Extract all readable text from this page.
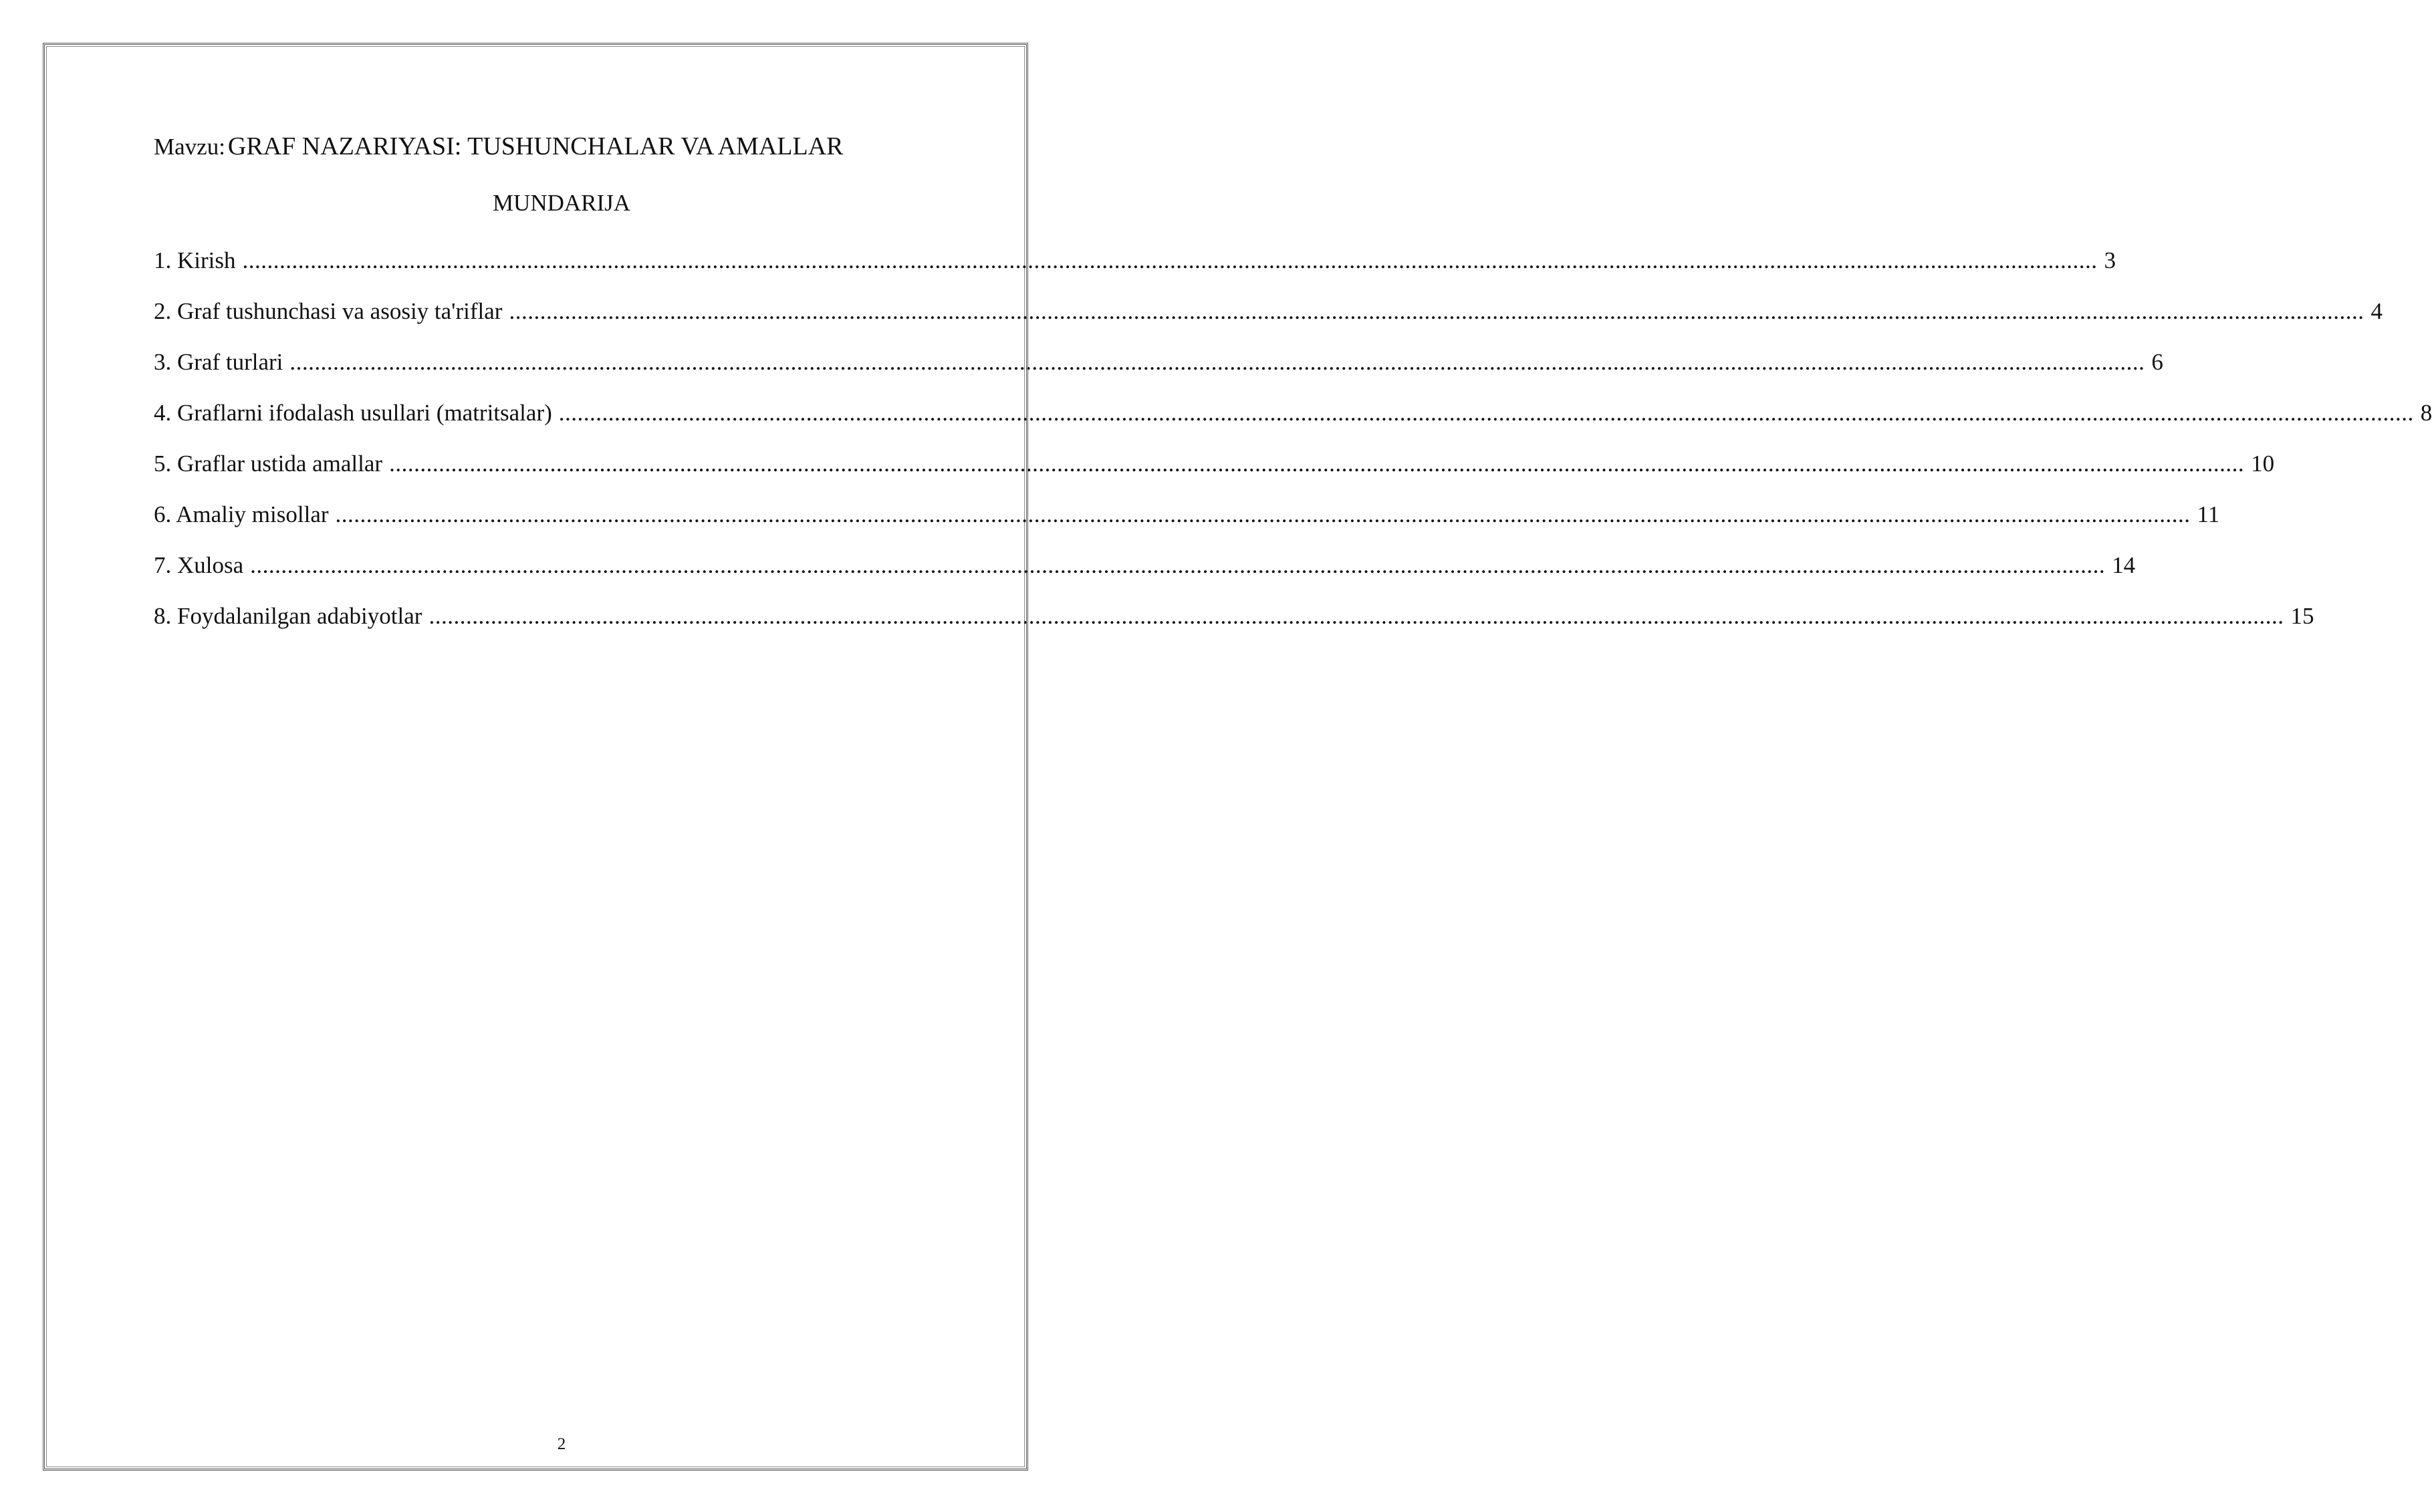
Mavzu: GRAF NAZARIYASI: TUSHUNCHALAR VA AMALLAR
MUNDARIJA
1. Kirish ............................................................................................................................................................................................................................................................................................................ 3
2. Graf tushunchasi va asosiy ta'riflar ............................................................................................................................................................................................................................................................................................................ 4
3. Graf turlari ............................................................................................................................................................................................................................................................................................................ 6
4. Graflarni ifodalash usullari (matritsalar) ............................................................................................................................................................................................................................................................................................................ 8
5. Graflar ustida amallar ............................................................................................................................................................................................................................................................................................................ 10
6. Amaliy misollar ............................................................................................................................................................................................................................................................................................................ 11
7. Xulosa ............................................................................................................................................................................................................................................................................................................ 14
8. Foydalanilgan adabiyotlar ............................................................................................................................................................................................................................................................................................................ 15
2
